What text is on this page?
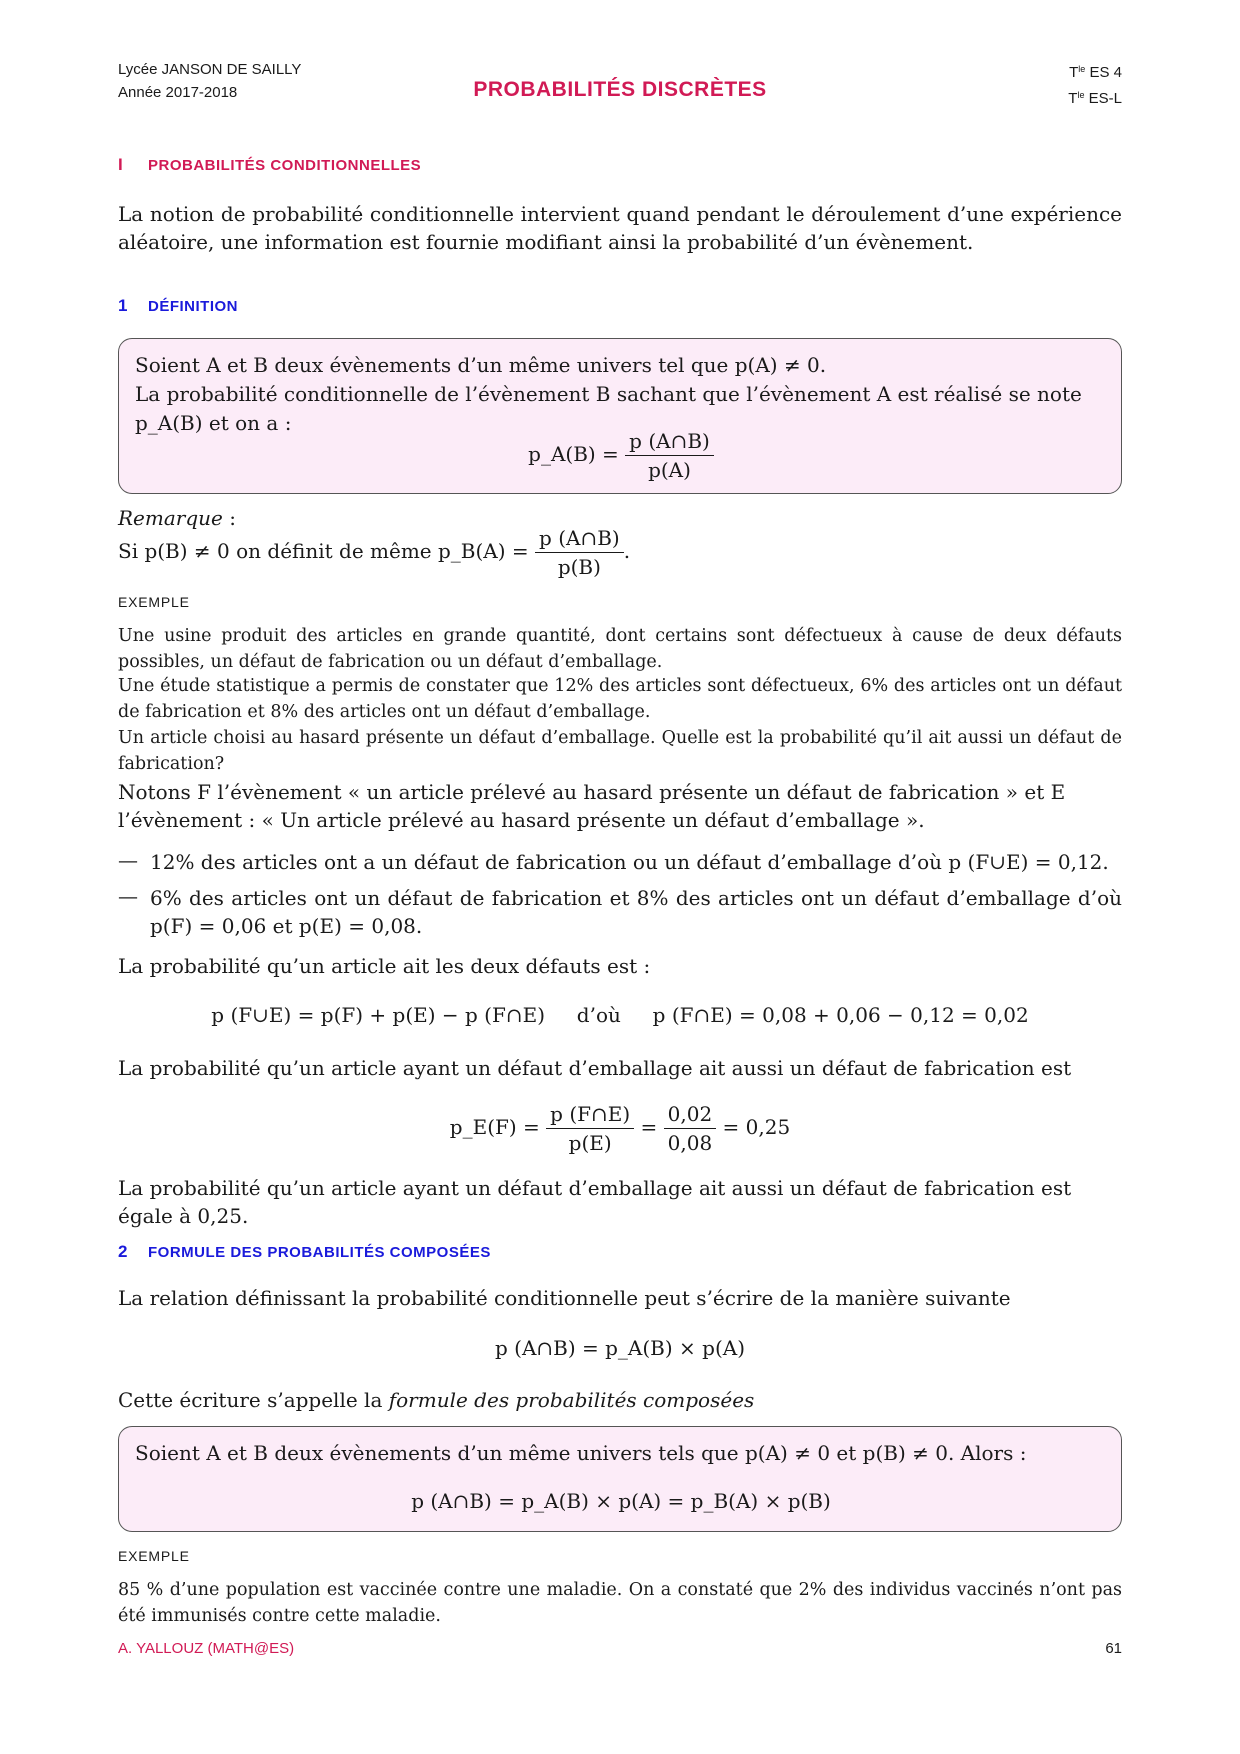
Lycée JANSON DE SAILLY
Année 2017-2018	PROBABILITÉS DISCRÈTES
$T^{le}$ ES 4
$T^{le}$ ES-L
I PROBABILITÉS CONDITIONNELLES
La notion de probabilité conditionnelle intervient quand pendant le déroulement d’une expérience aléatoire, une information est fournie modifiant ainsi la probabilité d’un évènement.
1 DÉFINITION
Soient A et B deux évènements d’un même univers tel que p(A) ≠ 0.
La probabilité conditionnelle de l’évènement B sachant que l’évènement A est réalisé se note p_A(B) et on a :
p_A(B) = $\frac{p (A\cap B)}{p(A)}$
Remarque :
Si p(B) ≠ 0 on définit de même p_B(A) = $\frac{p (A\cap B)}{p(B)}$ .
EXEMPLE
Une usine produit des articles en grande quantité, dont certains sont défectueux à cause de deux défauts possibles, un défaut de fabrication ou un défaut d’emballage.
Une étude statistique a permis de constater que 12% des articles sont défectueux, 6% des articles ont un défaut de fabrication et 8% des articles ont un défaut d’emballage.
Un article choisi au hasard présente un défaut d’emballage. Quelle est la probabilité qu’il ait aussi un défaut de fabrication?
Notons F l’évènement « un article prélevé au hasard présente un défaut de fabrication » et E l’évènement : « Un article prélevé au hasard présente un défaut d’emballage ».
— 12% des articles ont a un défaut de fabrication ou un défaut d’emballage d’où p (F∪E) = 0,12.
— 6% des articles ont un défaut de fabrication et 8% des articles ont un défaut d’emballage d’où p(F) = 0,06 et p(E) = 0,08.
La probabilité qu’un article ait les deux défauts est :
p (F∪E) = p(F) + p(E) − p (F∩E)     d’où     p (F∩E) = 0,08 + 0,06 − 0,12 = 0,02
La probabilité qu’un article ayant un défaut d’emballage ait aussi un défaut de fabrication est
p_E(F) = $\frac{p (F\cap E)}{p(E)} = \frac{0,02}{0,08} = 0,25$
La probabilité qu’un article ayant un défaut d’emballage ait aussi un défaut de fabrication est égale à 0,25.
2 FORMULE DES PROBABILITÉS COMPOSÉES
La relation définissant la probabilité conditionnelle peut s’écrire de la manière suivante
p (A∩B) = p_A(B) × p(A)
Cette écriture s’appelle la formule des probabilités composées
Soient A et B deux évènements d’un même univers tels que p(A) ≠ 0 et p(B) ≠ 0. Alors :
p (A∩B) = p_A(B) × p(A) = p_B(A) × p(B)
EXEMPLE
85 % d’une population est vaccinée contre une maladie. On a constaté que 2% des individus vaccinés n’ont pas été immunisés contre cette maladie.
A. YALLOUZ (MATH@ES)	61
